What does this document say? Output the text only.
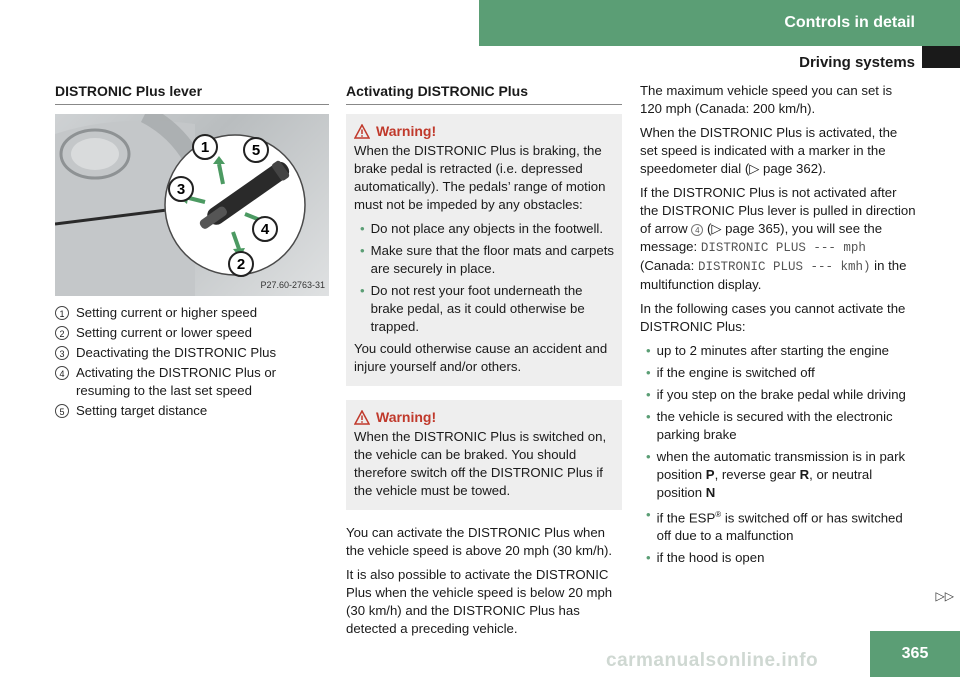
Controls in detail
Driving systems
DISTRONIC Plus lever
1	5
3
4
2
P27.60-2763-31
1 Setting current or higher speed
2 Setting current or lower speed
3 Deactivating the DISTRONIC Plus
4 Activating the DISTRONIC Plus or resuming to the last set speed
5 Setting target distance
Activating DISTRONIC Plus
Warning!

When the DISTRONIC Plus is braking, the brake pedal is retracted (i.e. depressed automatically). The pedals’ range of motion must not be impeded by any obstacles:

• Do not place any objects in the footwell.
• Make sure that the floor mats and carpets are securely in place.
• Do not rest your foot underneath the brake pedal, as it could otherwise be trapped.

You could otherwise cause an accident and injure yourself and/or others.

Warning!

When the DISTRONIC Plus is switched on, the vehicle can be braked. You should therefore switch off the DISTRONIC Plus if the vehicle must be towed.

You can activate the DISTRONIC Plus when the vehicle speed is above 20 mph (30 km/h).

It is also possible to activate the DISTRONIC Plus when the vehicle speed is below 20 mph (30 km/h) and the DISTRONIC Plus has detected a preceding vehicle.

The maximum vehicle speed you can set is 120 mph (Canada: 200 km/h).

When the DISTRONIC Plus is activated, the set speed is indicated with a marker in the speedometer dial (▷ page 362).

If the DISTRONIC Plus is not activated after the DISTRONIC Plus lever is pulled in direction of arrow 4 (▷ page 365), you will see the message: DISTRONIC PLUS --- mph (Canada: DISTRONIC PLUS --- kmh) in the multifunction display.

In the following cases you cannot activate the DISTRONIC Plus:

• up to 2 minutes after starting the engine
• if the engine is switched off
• if you step on the brake pedal while driving
• the vehicle is secured with the electronic parking brake
• when the automatic transmission is in park position P, reverse gear R, or neutral position N
• if the ESP® is switched off or has switched off due to a malfunction
• if the hood is open
▷▷
carmanualsonline.info	365
